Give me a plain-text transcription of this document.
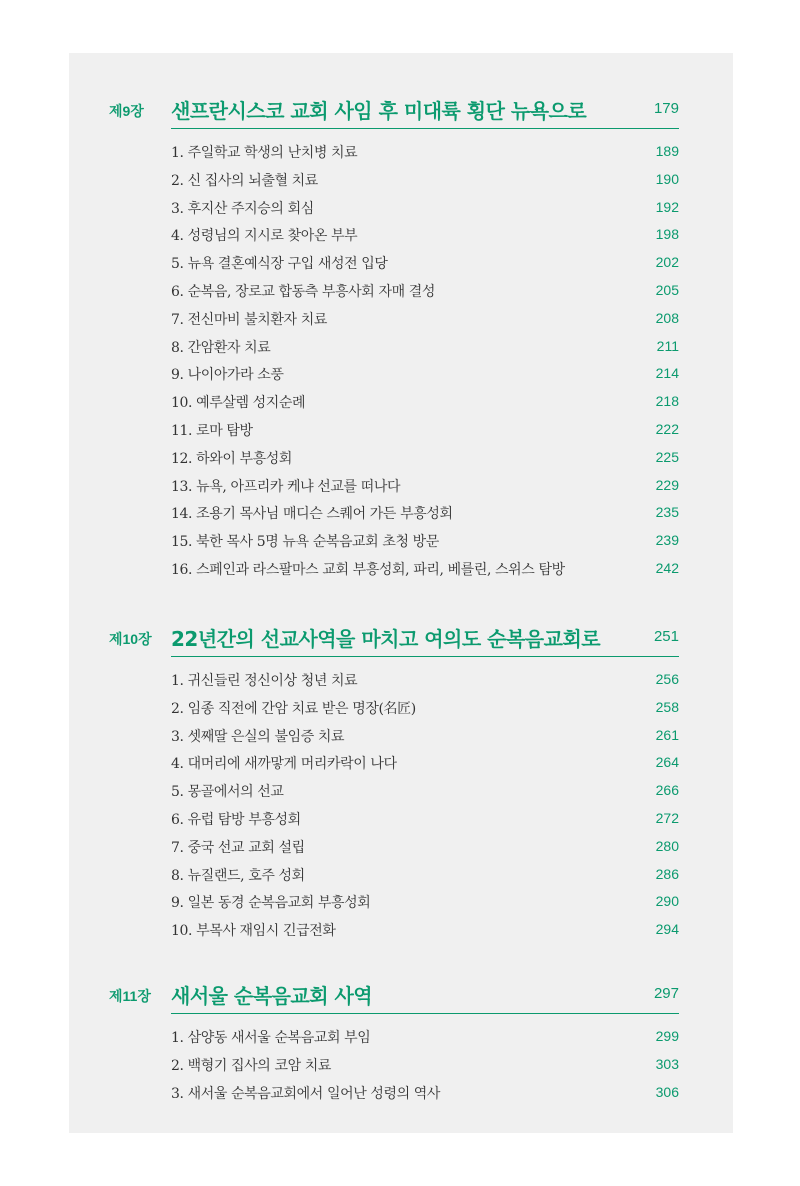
제9장 샌프란시스코 교회 사임 후 미대륙 횡단 뉴욕으로	179
1. 주일학교 학생의 난치병 치료	189
2. 신 집사의 뇌출혈 치료	190
3. 후지산 주지승의 회심	192
4. 성령님의 지시로 찾아온 부부	198
5. 뉴욕 결혼예식장 구입 새성전 입당	202
6. 순복음, 장로교 합동측 부흥사회 자매 결성	205
7. 전신마비 불치환자 치료	208
8. 간암환자 치료	211
9. 나이아가라 소풍	214
10. 예루살렘 성지순례	218
11. 로마 탐방	222
12. 하와이 부흥성회	225
13. 뉴욕, 아프리카 케냐 선교를 떠나다	229
14. 조용기 목사님 매디슨 스퀘어 가든 부흥성회	235
15. 북한 목사 5명 뉴욕 순복음교회 초청 방문	239
16. 스페인과 라스팔마스 교회 부흥성회, 파리, 베를린, 스위스 탐방	242
제10장 22년간의 선교사역을 마치고 여의도 순복음교회로	251
1. 귀신들린 정신이상 청년 치료	256
2. 임종 직전에 간암 치료 받은 명장(名匠)	258
3. 셋째딸 은실의 불임증 치료	261
4. 대머리에 새까맣게 머리카락이 나다	264
5. 몽골에서의 선교	266
6. 유럽 탐방 부흥성회	272
7. 중국 선교 교회 설립	280
8. 뉴질랜드, 호주 성회	286
9. 일본 동경 순복음교회 부흥성회	290
10. 부목사 재임시 긴급전화	294
제11장 새서울 순복음교회 사역	297
1. 삼양동 새서울 순복음교회 부임	299
2. 백형기 집사의 코암 치료	303
3. 새서울 순복음교회에서 일어난 성령의 역사	306
